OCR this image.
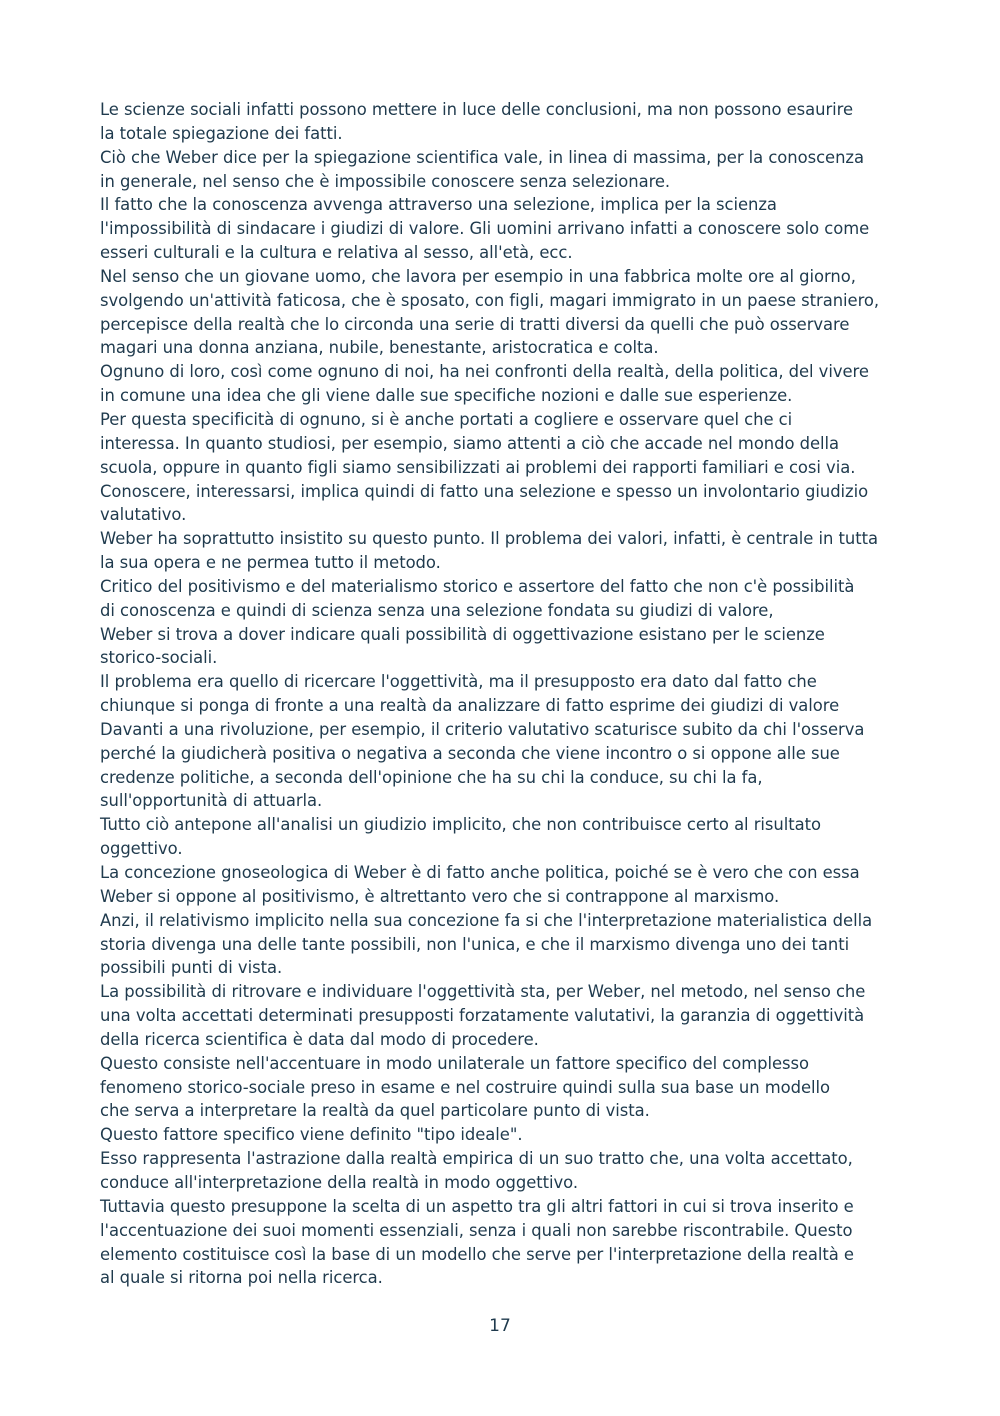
Le scienze sociali infatti possono mettere in luce delle conclusioni, ma non possono esaurire
la totale spiegazione dei fatti.
Ciò che Weber dice per la spiegazione scientifica vale, in linea di massima, per la conoscenza
in generale, nel senso che è impossibile conoscere senza selezionare.
Il fatto che la conoscenza avvenga attraverso una selezione, implica per la scienza
l'impossibilità di sindacare i giudizi di valore. Gli uomini arrivano infatti a conoscere solo come
esseri culturali e la cultura e relativa al sesso, all'età, ecc.
Nel senso che un giovane uomo, che lavora per esempio in una fabbrica molte ore al giorno,
svolgendo un'attività faticosa, che è sposato, con figli, magari immigrato in un paese straniero,
percepisce della realtà che lo circonda una serie di tratti diversi da quelli che può osservare
magari una donna anziana, nubile, benestante, aristocratica e colta.
Ognuno di loro, così come ognuno di noi, ha nei confronti della realtà, della politica, del vivere
in comune una idea che gli viene dalle sue specifiche nozioni e dalle sue esperienze.
Per questa specificità di ognuno, si è anche portati a cogliere e osservare quel che ci
interessa. In quanto studiosi, per esempio, siamo attenti a ciò che accade nel mondo della
scuola, oppure in quanto figli siamo sensibilizzati ai problemi dei rapporti familiari e cosi via.
Conoscere, interessarsi, implica quindi di fatto una selezione e spesso un involontario giudizio
valutativo.
Weber ha soprattutto insistito su questo punto. Il problema dei valori, infatti, è centrale in tutta
la sua opera e ne permea tutto il metodo.
Critico del positivismo e del materialismo storico e assertore del fatto che non c'è possibilità
di conoscenza e quindi di scienza senza una selezione fondata su giudizi di valore,
Weber si trova a dover indicare quali possibilità di oggettivazione esistano per le scienze
storico-sociali.
Il problema era quello di ricercare l'oggettività, ma il presupposto era dato dal fatto che
chiunque si ponga di fronte a una realtà da analizzare di fatto esprime dei giudizi di valore
Davanti a una rivoluzione, per esempio, il criterio valutativo scaturisce subito da chi l'osserva
perché la giudicherà positiva o negativa a seconda che viene incontro o si oppone alle sue
credenze politiche, a seconda dell'opinione che ha su chi la conduce, su chi la fa,
sull'opportunità di attuarla.
Tutto ciò antepone all'analisi un giudizio implicito, che non contribuisce certo al risultato
oggettivo.
La concezione gnoseologica di Weber è di fatto anche politica, poiché se è vero che con essa
Weber si oppone al positivismo, è altrettanto vero che si contrappone al marxismo.
Anzi, il relativismo implicito nella sua concezione fa si che l'interpretazione materialistica della
storia divenga una delle tante possibili, non l'unica, e che il marxismo divenga uno dei tanti
possibili punti di vista.
La possibilità di ritrovare e individuare l'oggettività sta, per Weber, nel metodo, nel senso che
una volta accettati determinati presupposti forzatamente valutativi, la garanzia di oggettività
della ricerca scientifica è data dal modo di procedere.
Questo consiste nell'accentuare in modo unilaterale un fattore specifico del complesso
fenomeno storico-sociale preso in esame e nel costruire quindi sulla sua base un modello
che serva a interpretare la realtà da quel particolare punto di vista.
Questo fattore specifico viene definito "tipo ideale".
Esso rappresenta l'astrazione dalla realtà empirica di un suo tratto che, una volta accettato,
conduce all'interpretazione della realtà in modo oggettivo.
Tuttavia questo presuppone la scelta di un aspetto tra gli altri fattori in cui si trova inserito e
l'accentuazione dei suoi momenti essenziali, senza i quali non sarebbe riscontrabile. Questo
elemento costituisce così la base di un modello che serve per l'interpretazione della realtà e
al quale si ritorna poi nella ricerca.
17
